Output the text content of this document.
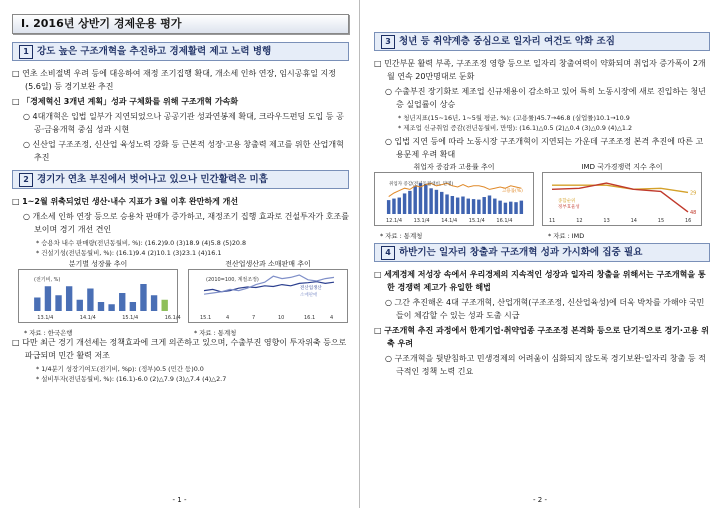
Ⅰ. 2016년 상반기 경제운용 평가
1 강도 높은 구조개혁을 추진하고 경제활력 제고 노력 병행
□ 연초 소비절벽 우려 등에 대응하여 재정 조기집행 확대, 개소세 인하 연장, 임시공휴일 지정(5.6일) 등 경기보완 추진
□ 「경제혁신 3개년 계획」성과 구체화를 위해 구조개혁 가속화
○ 4대개혁은 입법 일부가 지연되었으나 공공기관 성과연봉제 확대, 크라우드펀딩 도입 등 공공·금융개혁 중심 성과 시현
○ 신산업 구조조정, 신산업 육성노력 강화 등 근본적 성장·고용 창출력 제고를 위한 산업개혁 추진
2 경기가 연초 부진에서 벗어나고 있으나 민간활력은 미흡
□ 1~2월 위축되었던 생산·내수 지표가 3월 이후 완만하게 개선
○ 개소세 인하 연장 등으로 승용차 판매가 증가하고, 재정조기 집행 효과로 건설투자가 호조를 보이며 경기 개선 견인
* 승용차 내수 판매량(전년동월비, %): (16.2)9.0 (3)18.9 (4)5.8 (5)20.8
* 건설기성(전년동월비, %): (16.1)9.4 (2)10.1 (3)23.1 (4)16.1
분기별 성장률 추이
(전기비, %)
13.1/4	14.1/4	15.1/4	16.1/4
* 자료 : 한국은행
전산업생산과 소매판매 추이
(2010=100, 계절조정)
전산업생산
소매판매
15.1	4	7	10	16.1	4
* 자료 : 통계청
□ 다만 최근 경기 개선세는 정책효과에 크게 의존하고 있으며, 수출부진 영향이 투자위축 등으로 파급되며 민간 활력 저조
* 1/4분기 성장기여도(전기비, %p): (정부)0.5 (민간 등)0.0
* 설비투자(전년동월비, %): (16.1)-6.0 (2)△7.9 (3)△7.4 (4)△2.7
- 1 -
3 청년 등 취약계층 중심으로 일자리 여건도 악화 조짐
□ 민간부문 활력 부족, 구조조정 영향 등으로 일자리 창출여력이 약화되며 취업자 증가폭이 2개월 연속 20만명대로 둔화
○ 수출부진 장기화로 제조업 신규채용이 감소하고 있어 특히 노동시장에 새로 진입하는 청년층 실업률이 상승
* 청년지표(15~16년, 1~5월 평균, %): (고용률)45.7→46.8 (실업률)10.1→10.9
* 제조업 신규취업 증감(전년동월비, 만명): (16.1)△0.5 (2)△0.4 (3)△0.9 (4)△1.2
○ 입법 지연 등에 따라 노동시장 구조개혁이 지연되는 가운데 구조조정 본격 추진에 따른 고용문제 우려 확대
취업자 증감과 고용률 추이
취업자 증감(전년동월대비, 만명)
고용률(%)
12.1/4 13.1/4 14.1/4 15.1/4 16.1/4
* 자료 : 통계청
IMD 국가경쟁력 지수 추이
29
종합순위
48
정부효율성
11	12	13	14	15	16
* 자료 : IMD
4 하반기는 일자리 창출과 구조개혁 성과 가시화에 집중 필요
□ 세계경제 저성장 속에서 우리경제의 지속적인 성장과 일자리 창출을 위해서는 구조개혁을 통한 경쟁력 제고가 유일한 해법
○ 그간 추진해온 4대 구조개혁, 산업개혁(구조조정, 신산업육성)에 더욱 박차를 가해야 국민들이 체감할 수 있는 성과 도출 시급
□ 구조개혁 추진 과정에서 한계기업·취약업종 구조조정 본격화 등으로 단기적으로 경기·고용 위축 우려
○ 구조개혁을 뒷받침하고 민생경제의 어려움이 심화되지 않도록 경기보완·일자리 창출 등 적극적인 정책 노력 긴요
- 2 -
